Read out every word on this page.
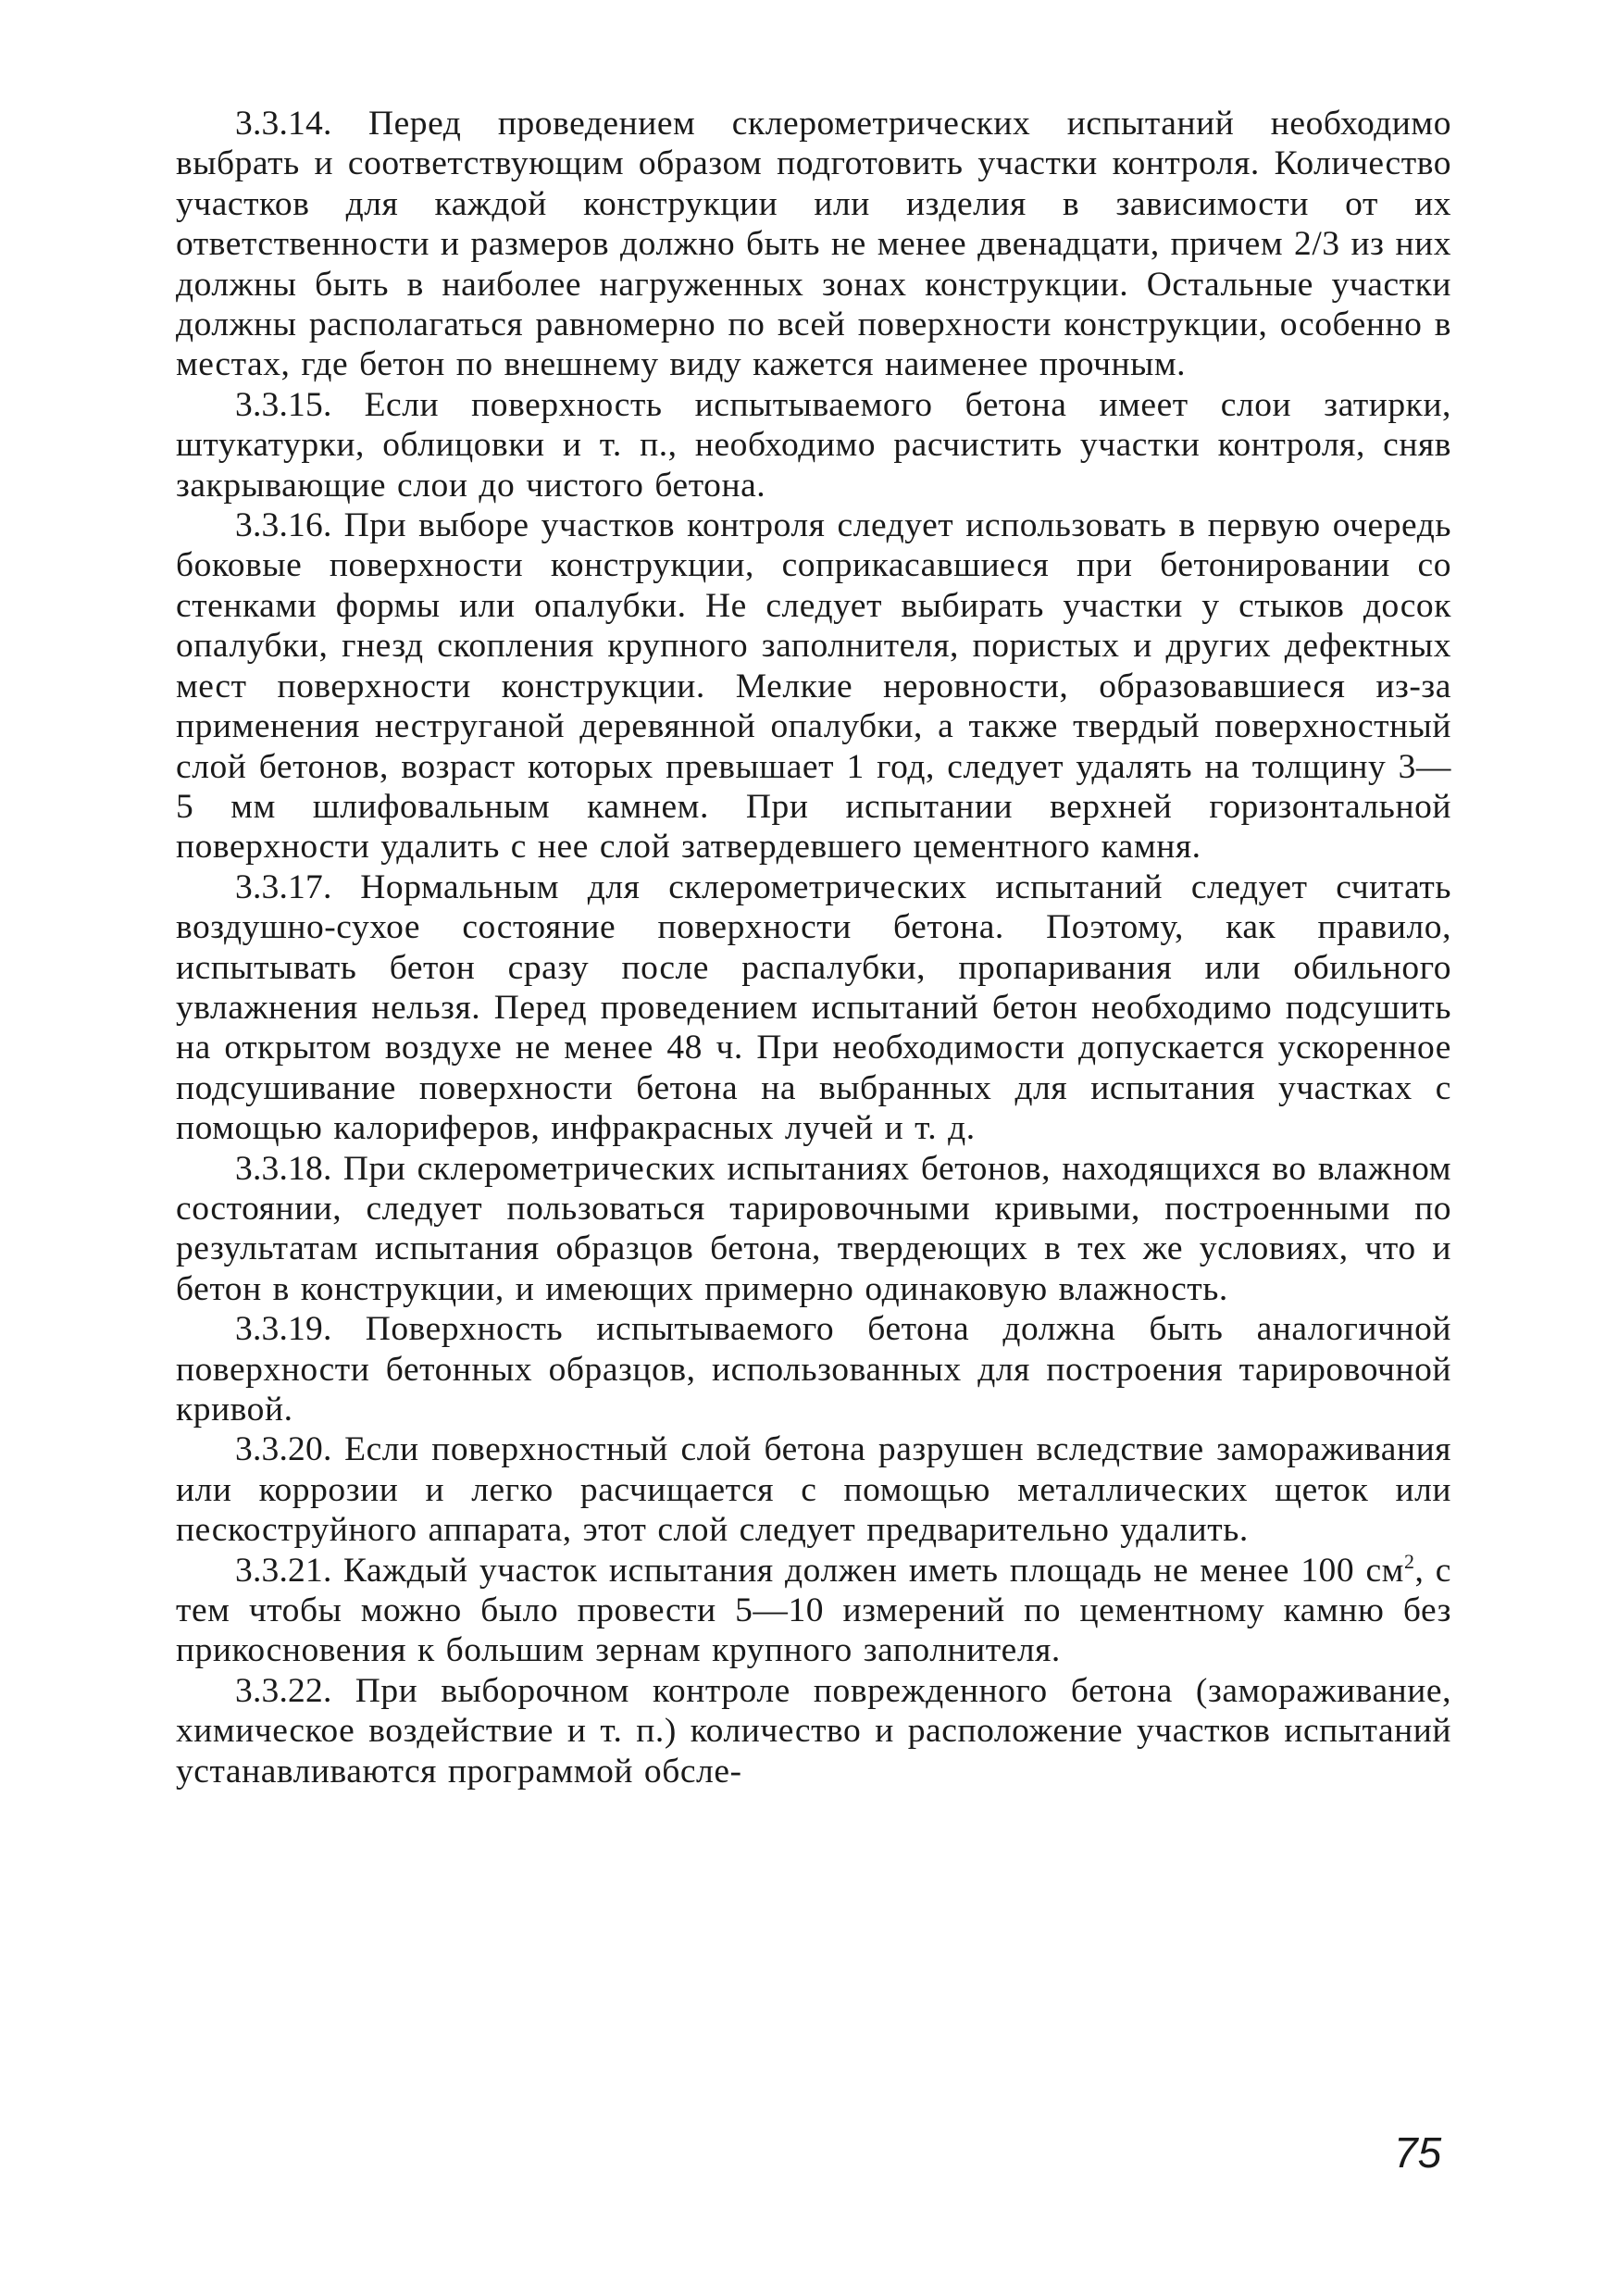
3.3.14. Перед проведением склерометрических испытаний необходимо выбрать и соответствующим образом подготовить участки контроля. Количество участков для каждой конструкции или изделия в зависимости от их ответственности и размеров должно быть не менее двенадцати, причем 2/3 из них должны быть в наиболее нагруженных зонах конструкции. Остальные участки должны располагаться равномерно по всей поверхности конструкции, особенно в местах, где бетон по внешнему виду кажется наименее прочным.

3.3.15. Если поверхность испытываемого бетона имеет слои затирки, штукатурки, облицовки и т. п., необходимо расчистить участки контроля, сняв закрывающие слои до чистого бетона.

3.3.16. При выборе участков контроля следует использовать в первую очередь боковые поверхности конструкции, соприкасавшиеся при бетонировании со стенками формы или опалубки. Не следует выбирать участки у стыков досок опалубки, гнезд скопления крупного заполнителя, пористых и других дефектных мест поверхности конструкции. Мелкие неровности, образовавшиеся из-за применения неструганой деревянной опалубки, а также твердый поверхностный слой бетонов, возраст которых превышает 1 год, следует удалять на толщину 3—5 мм шлифовальным камнем. При испытании верхней горизонтальной поверхности удалить с нее слой затвердевшего цементного камня.

3.3.17. Нормальным для склерометрических испытаний следует считать воздушно-сухое состояние поверхности бетона. Поэтому, как правило, испытывать бетон сразу после распалубки, пропаривания или обильного увлажнения нельзя. Перед проведением испытаний бетон необходимо подсушить на открытом воздухе не менее 48 ч. При необходимости допускается ускоренное подсушивание поверхности бетона на выбранных для испытания участках с помощью калориферов, инфракрасных лучей и т. д.

3.3.18. При склерометрических испытаниях бетонов, находящихся во влажном состоянии, следует пользоваться тарировочными кривыми, построенными по результатам испытания образцов бетона, твердеющих в тех же условиях, что и бетон в конструкции, и имеющих примерно одинаковую влажность.

3.3.19. Поверхность испытываемого бетона должна быть аналогичной поверхности бетонных образцов, использованных для построения тарировочной кривой.

3.3.20. Если поверхностный слой бетона разрушен вследствие замораживания или коррозии и легко расчищается с помощью металлических щеток или пескоструйного аппарата, этот слой следует предварительно удалить.

3.3.21. Каждый участок испытания должен иметь площадь не менее 100 $см^2$, с тем чтобы можно было провести 5—10 измерений по цементному камню без прикосновения к большим зернам крупного заполнителя.

3.3.22. При выборочном контроле поврежденного бетона (замораживание, химическое воздействие и т. п.) количество и расположение участков испытаний устанавливаются программой обсле-

75
